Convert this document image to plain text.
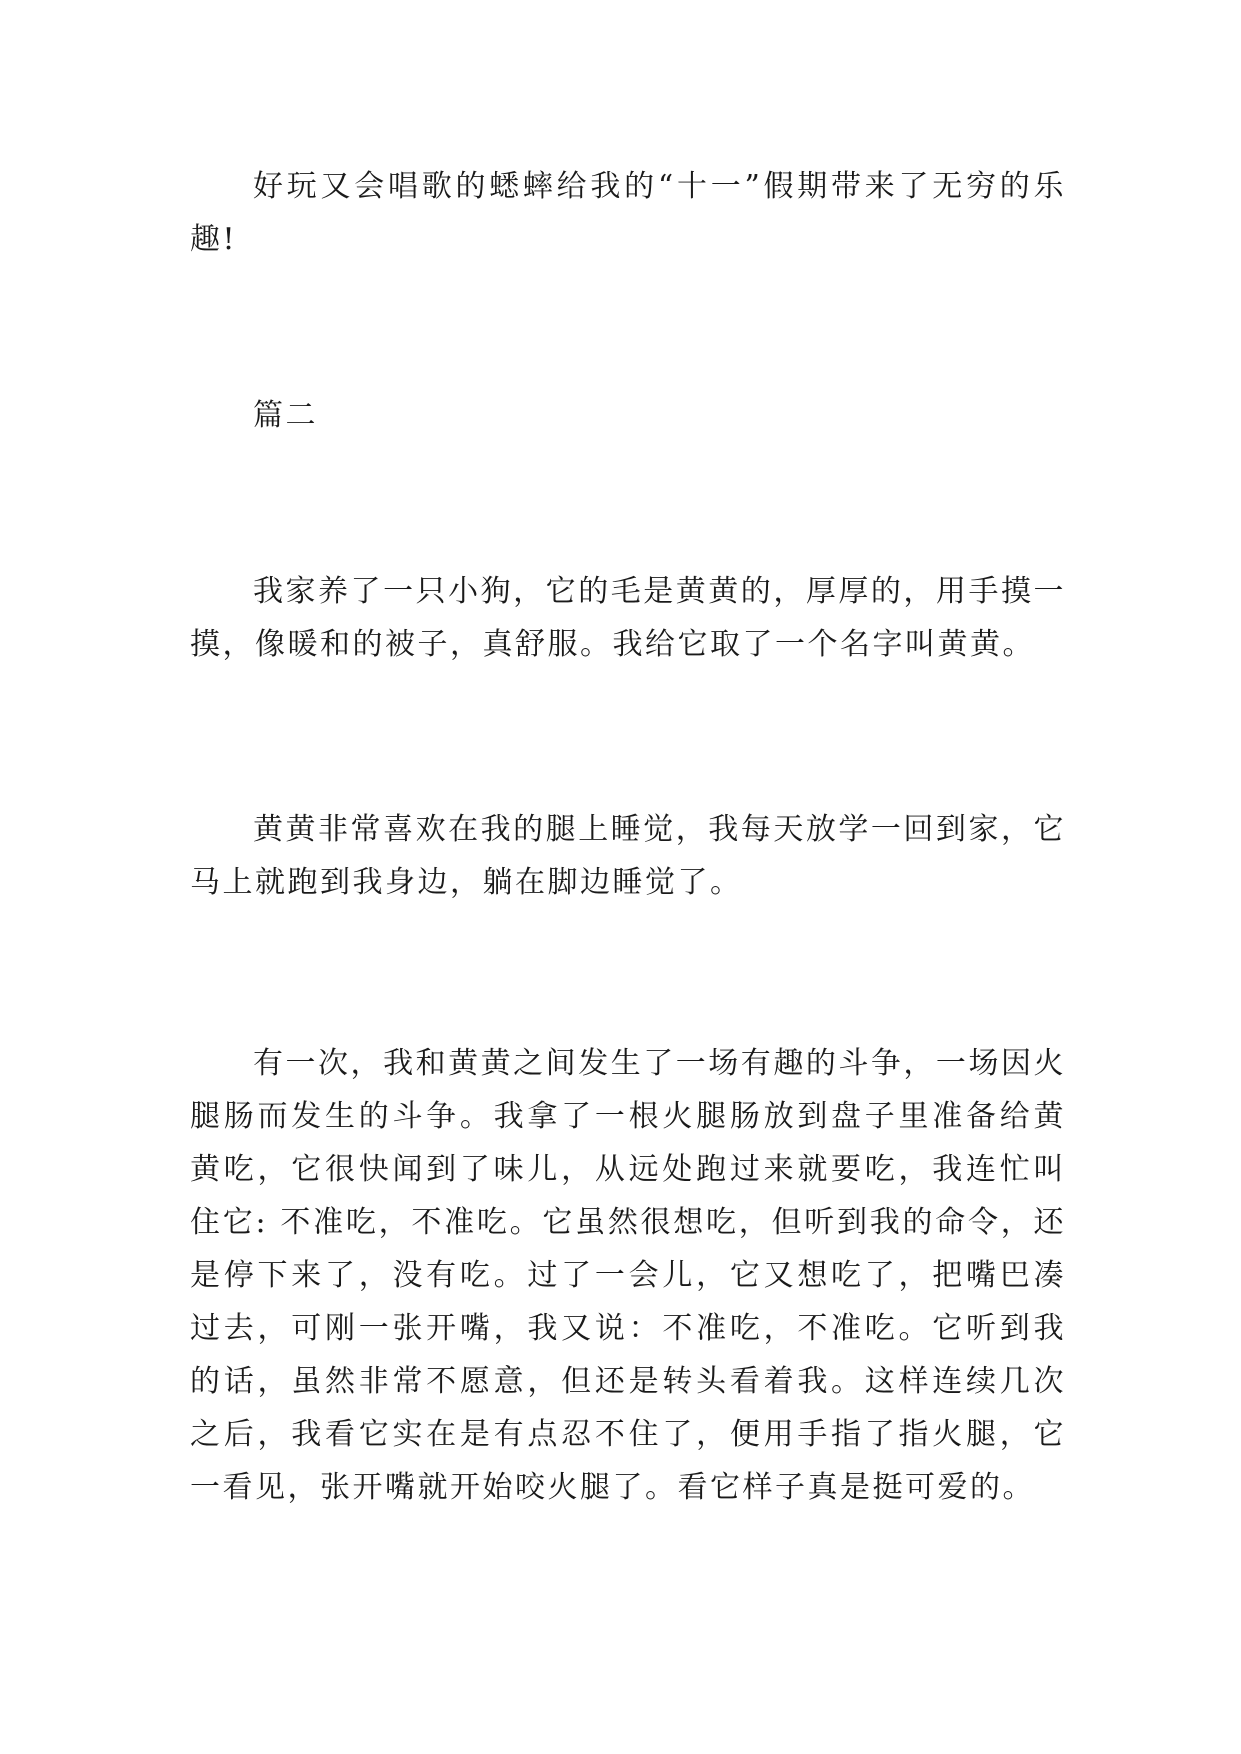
好玩又会唱歌的蟋蟀给我的“十一”假期带来了无穷的乐趣!

篇二

我家养了一只小狗，它的毛是黄黄的，厚厚的，用手摸一摸，像暖和的被子，真舒服。我给它取了一个名字叫黄黄。

黄黄非常喜欢在我的腿上睡觉，我每天放学一回到家，它马上就跑到我身边，躺在脚边睡觉了。

有一次，我和黄黄之间发生了一场有趣的斗争，一场因火腿肠而发生的斗争。我拿了一根火腿肠放到盘子里准备给黄黄吃，它很快闻到了味儿，从远处跑过来就要吃，我连忙叫住它: 不准吃，不准吃。它虽然很想吃，但听到我的命令，还是停下来了，没有吃。过了一会儿，它又想吃了，把嘴巴凑过去，可刚一张开嘴，我又说：不准吃，不准吃。它听到我的话，虽然非常不愿意，但还是转头看着我。这样连续几次之后，我看它实在是有点忍不住了，便用手指了指火腿，它一看见，张开嘴就开始咬火腿了。看它样子真是挺可爱的。
